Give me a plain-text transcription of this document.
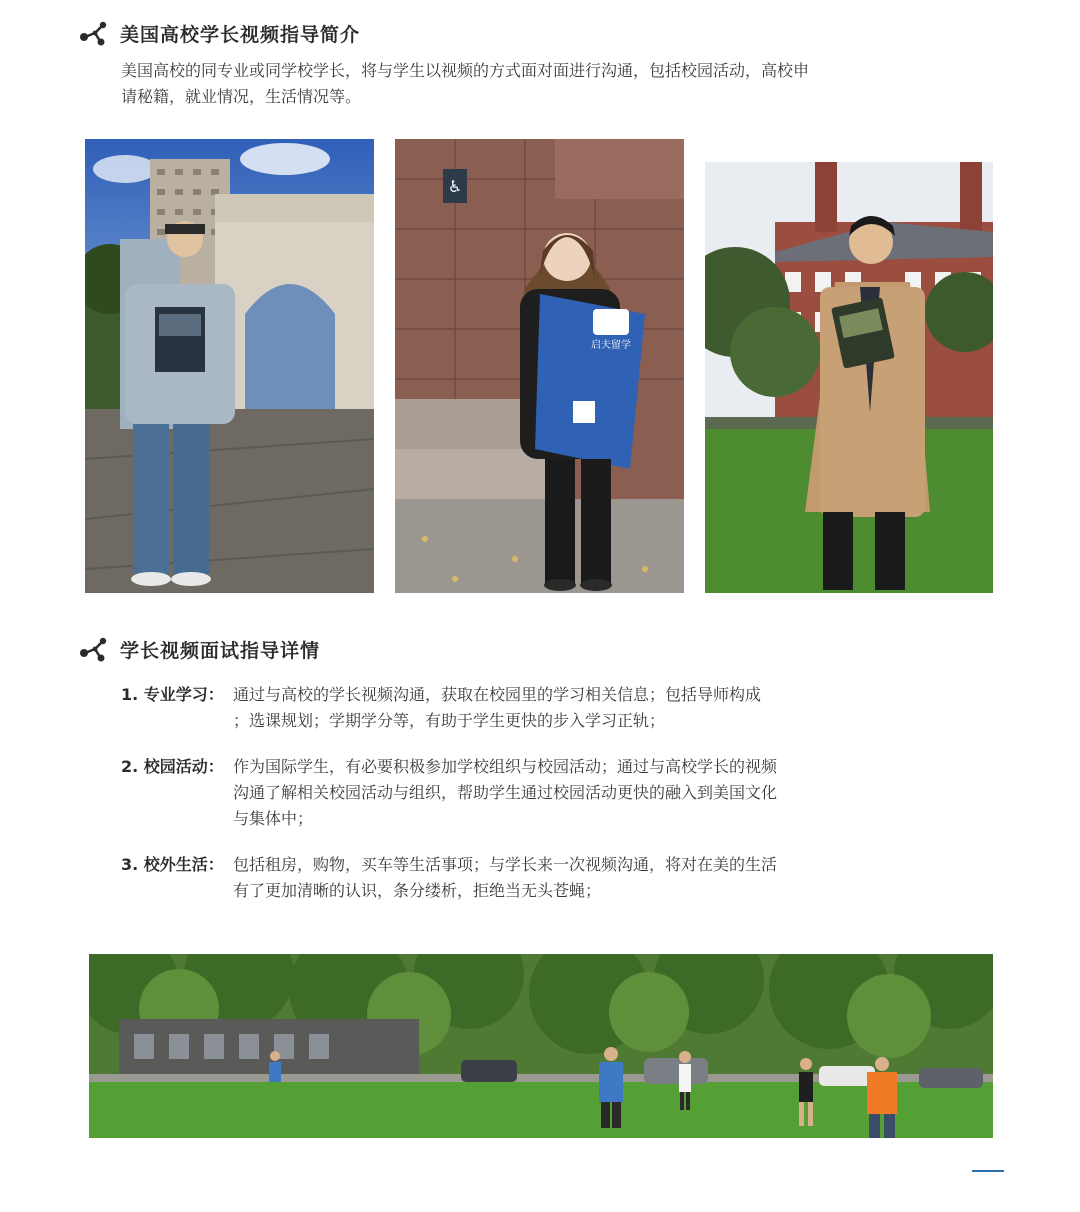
美国高校学长视频指导简介
美国高校的同专业或同学校学长，将与学生以视频的方式面对面进行沟通，包括校园活动，高校申请秘籍，就业情况，生活情况等。
♿
启夫留学
学长视频面试指导详情
1. 专业学习： 通过与高校的学长视频沟通，获取在校园里的学习相关信息；包括导师构成 ；选课规划；学期学分等，有助于学生更快的步入学习正轨；
2. 校园活动： 作为国际学生，有必要积极参加学校组织与校园活动；通过与高校学长的视频沟通了解相关校园活动与组织，帮助学生通过校园活动更快的融入到美国文化与集体中；
3. 校外生活： 包括租房，购物，买车等生活事项；与学长来一次视频沟通，将对在美的生活有了更加清晰的认识，条分缕析，拒绝当无头苍蝇；
